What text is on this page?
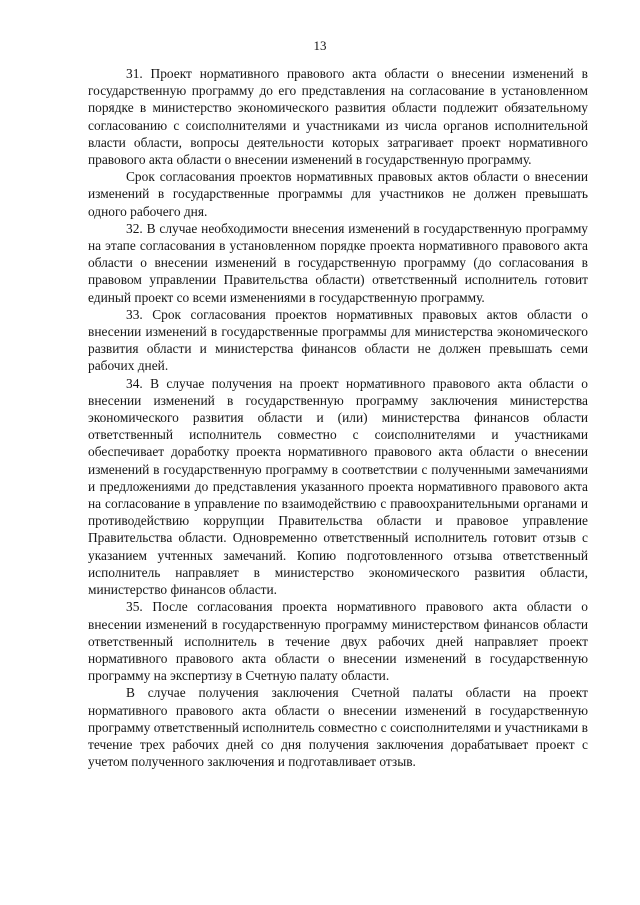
13

31. Проект нормативного правового акта области о внесении изменений в государственную программу до его представления на согласование в установленном порядке в министерство экономического развития области подлежит обязательному согласованию с соисполнителями и участниками из числа органов исполнительной власти области, вопросы деятельности которых затрагивает проект нормативного правового акта области о внесении изменений в государственную программу.

Срок согласования проектов нормативных правовых актов области о внесении изменений в государственные программы для участников не должен превышать одного рабочего дня.

32. В случае необходимости внесения изменений в государственную программу на этапе согласования в установленном порядке проекта нормативного правового акта области о внесении изменений в государственную программу (до согласования в правовом управлении Правительства области) ответственный исполнитель готовит единый проект со всеми изменениями в государственную программу.

33. Срок согласования проектов нормативных правовых актов области о внесении изменений в государственные программы для министерства экономического развития области и министерства финансов области не должен превышать семи рабочих дней.

34. В случае получения на проект нормативного правового акта области о внесении изменений в государственную программу заключения министерства экономического развития области и (или) министерства финансов области ответственный исполнитель совместно с соисполнителями и участниками обеспечивает доработку проекта нормативного правового акта области о внесении изменений в государственную программу в соответствии с полученными замечаниями и предложениями до представления указанного проекта нормативного правового акта на согласование в управление по взаимодействию с правоохранительными органами и противодействию коррупции Правительства области и правовое управление Правительства области. Одновременно ответственный исполнитель готовит отзыв с указанием учтенных замечаний. Копию подготовленного отзыва ответственный исполнитель направляет в министерство экономического развития области, министерство финансов области.

35. После согласования проекта нормативного правового акта области о внесении изменений в государственную программу министерством финансов области ответственный исполнитель в течение двух рабочих дней направляет проект нормативного правового акта области о внесении изменений в государственную программу на экспертизу в Счетную палату области.

В случае получения заключения Счетной палаты области на проект нормативного правового акта области о внесении изменений в государственную программу ответственный исполнитель совместно с соисполнителями и участниками в течение трех рабочих дней со дня получения заключения дорабатывает проект с учетом полученного заключения и подготавливает отзыв.
